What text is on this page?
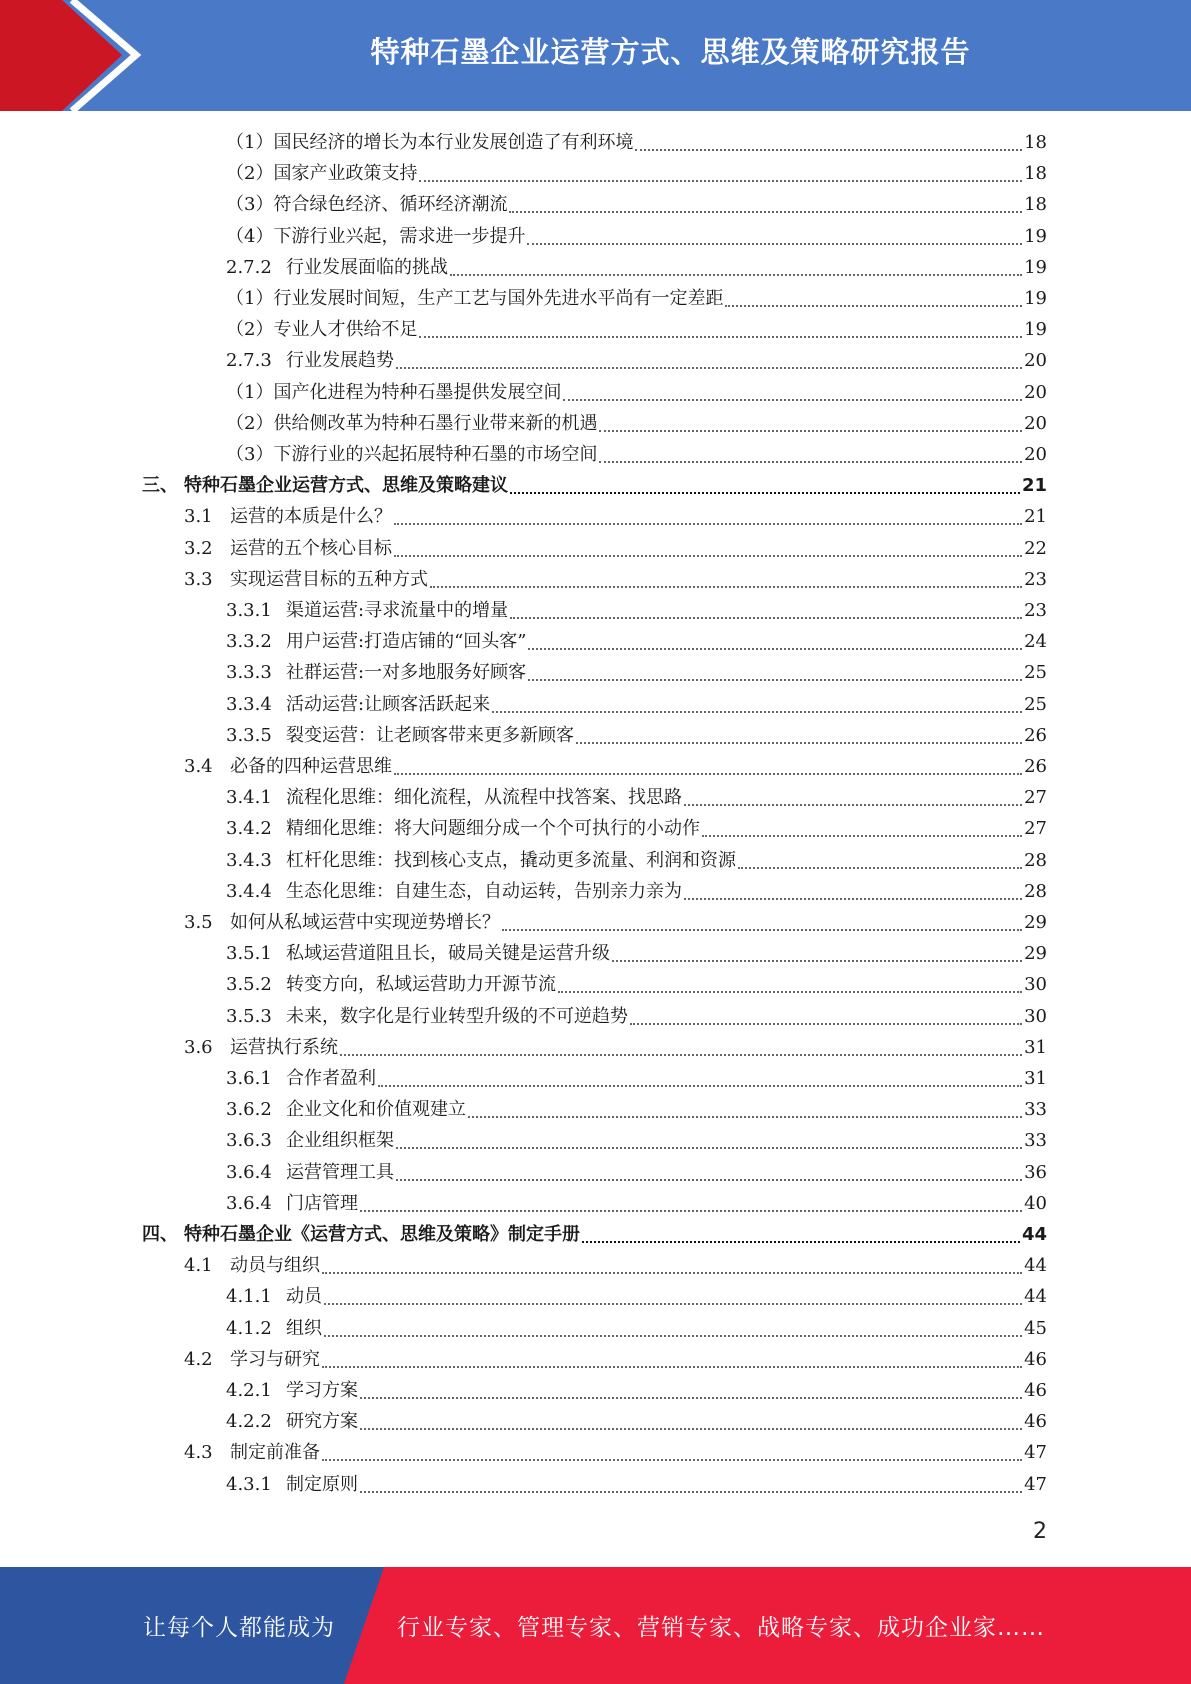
特种石墨企业运营方式、思维及策略研究报告
（1） 国民经济的增长为本行业发展创造了有利环境	18
（2） 国家产业政策支持	18
（3） 符合绿色经济、循环经济潮流	18
（4） 下游行业兴起，需求进一步提升	19
2.7.2 行业发展面临的挑战	19
（1） 行业发展时间短，生产工艺与国外先进水平尚有一定差距	19
（2） 专业人才供给不足	19
2.7.3 行业发展趋势	20
（1） 国产化进程为特种石墨提供发展空间	20
（2） 供给侧改革为特种石墨行业带来新的机遇	20
（3） 下游行业的兴起拓展特种石墨的市场空间	20
三、 特种石墨企业运营方式、思维及策略建议	21
3.1 运营的本质是什么？	21
3.2 运营的五个核心目标	22
3.3 实现运营目标的五种方式	23
3.3.1 渠道运营:寻求流量中的增量	23
3.3.2 用户运营:打造店铺的“回头客”	24
3.3.3 社群运营:一对多地服务好顾客	25
3.3.4 活动运营:让顾客活跃起来	25
3.3.5 裂变运营：让老顾客带来更多新顾客	26
3.4 必备的四种运营思维	26
3.4.1 流程化思维：细化流程，从流程中找答案、找思路	27
3.4.2 精细化思维：将大问题细分成一个个可执行的小动作	27
3.4.3 杠杆化思维：找到核心支点，撬动更多流量、利润和资源	28
3.4.4 生态化思维：自建生态，自动运转，告别亲力亲为	28
3.5 如何从私域运营中实现逆势增长？	29
3.5.1 私域运营道阻且长，破局关键是运营升级	29
3.5.2 转变方向，私域运营助力开源节流	30
3.5.3 未来，数字化是行业转型升级的不可逆趋势	30
3.6 运营执行系统	31
3.6.1 合作者盈利	31
3.6.2 企业文化和价值观建立	33
3.6.3 企业组织框架	33
3.6.4 运营管理工具	36
3.6.4 门店管理	40
四、 特种石墨企业《运营方式、思维及策略》制定手册	44
4.1 动员与组织	44
4.1.1 动员	44
4.1.2 组织	45
4.2 学习与研究	46
4.2.1 学习方案	46
4.2.2 研究方案	46
4.3 制定前准备	47
4.3.1 制定原则	47
2
让每个人都能成为	行业专家、管理专家、营销专家、战略专家、成功企业家……
